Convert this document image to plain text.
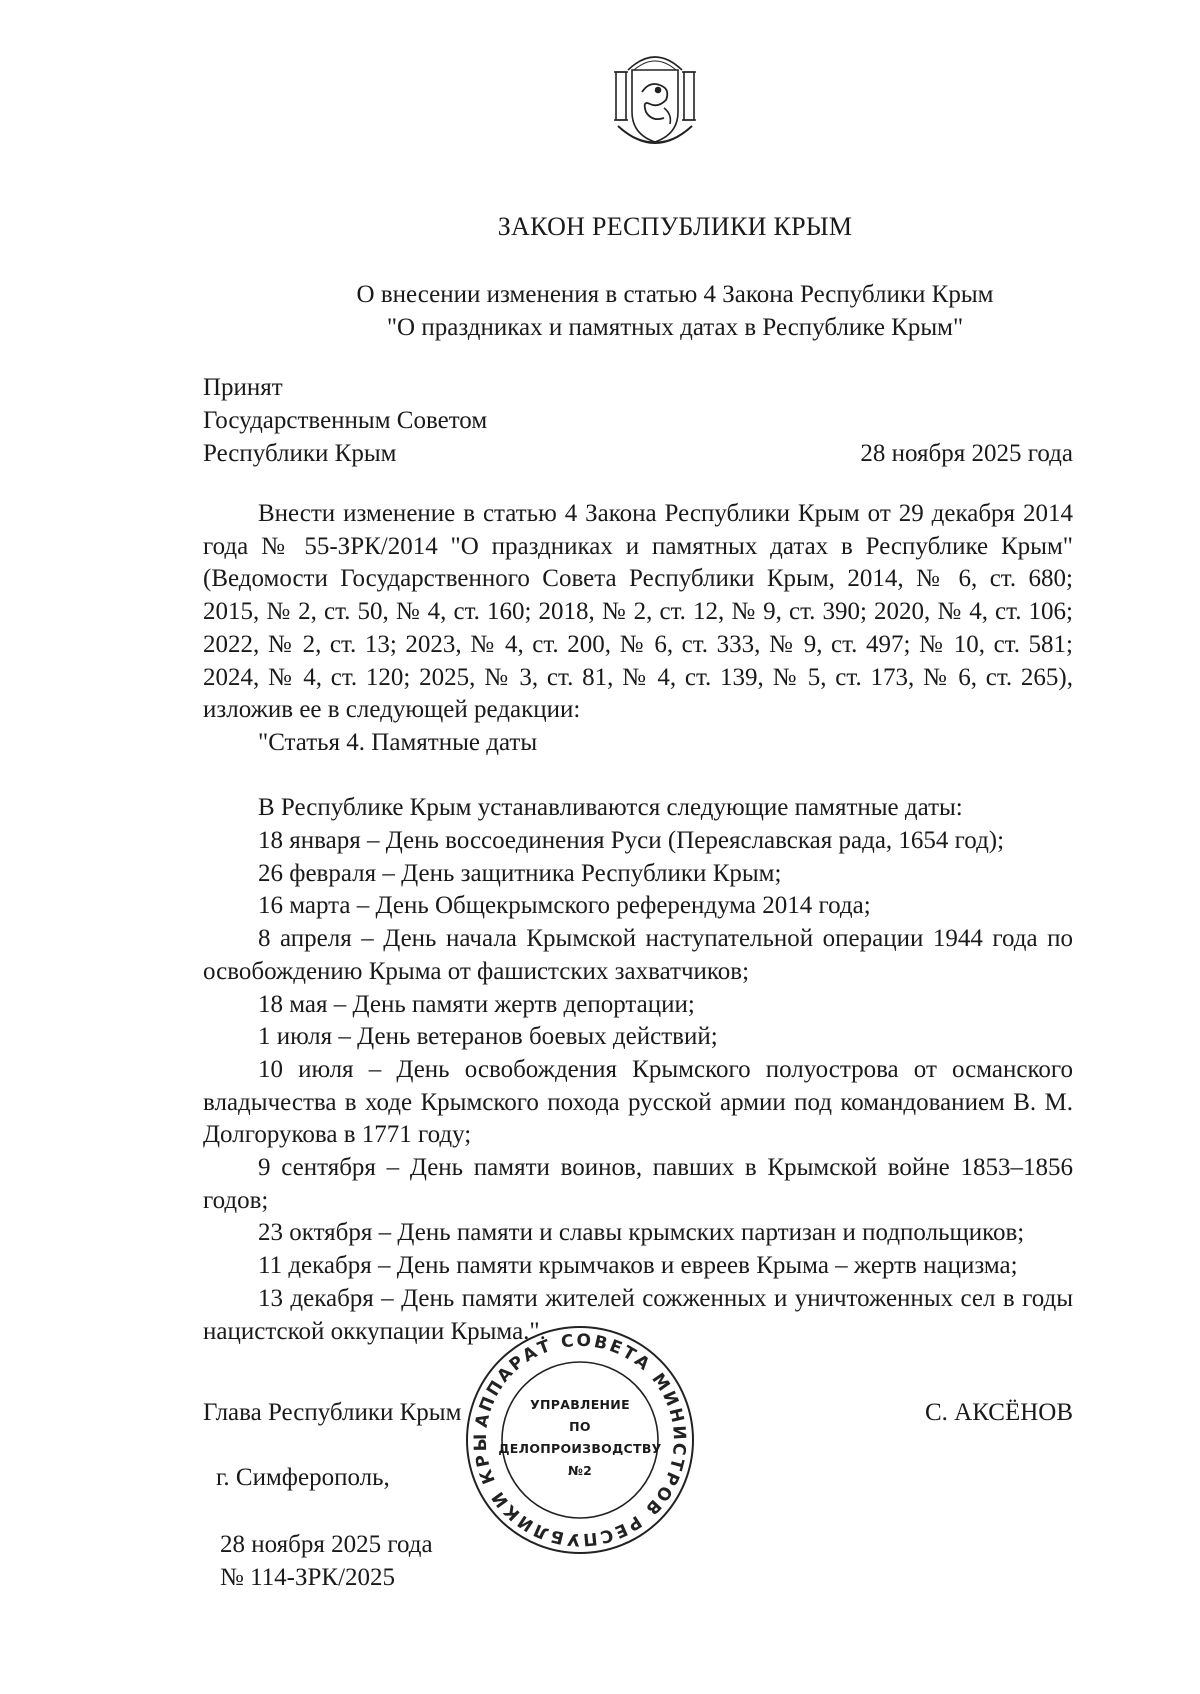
ЗАКОН РЕСПУБЛИКИ КРЫМ
О внесении изменения в статью 4 Закона Республики Крым
"О праздниках и памятных датах в Республике Крым"
Принят
Государственным Советом
Республики Крым	28 ноября 2025 года

Внести изменение в статью 4 Закона Республики Крым от 29 декабря 2014 года № 55-ЗРК/2014 "О праздниках и памятных датах в Республике Крым" (Ведомости Государственного Совета Республики Крым, 2014, № 6, ст. 680; 2015, № 2, ст. 50, № 4, ст. 160; 2018, № 2, ст. 12, № 9, ст. 390; 2020, № 4, ст. 106; 2022, № 2, ст. 13; 2023, № 4, ст. 200, № 6, ст. 333, № 9, ст. 497; № 10, ст. 581; 2024, № 4, ст. 120; 2025, № 3, ст. 81, № 4, ст. 139, № 5, ст. 173, № 6, ст. 265), изложив ее в следующей редакции:

"Статья 4. Памятные даты

В Республике Крым устанавливаются следующие памятные даты:

18 января – День воссоединения Руси (Переяславская рада, 1654 год);

26 февраля – День защитника Республики Крым;

16 марта – День Общекрымского референдума 2014 года;

8 апреля – День начала Крымской наступательной операции 1944 года по освобождению Крыма от фашистских захватчиков;

18 мая – День памяти жертв депортации;

1 июля – День ветеранов боевых действий;

10 июля – День освобождения Крымского полуострова от османского владычества в ходе Крымского похода русской армии под командованием В. М. Долгорукова в 1771 году;

9 сентября – День памяти воинов, павших в Крымской войне 1853–1856 годов;

23 октября – День памяти и славы крымских партизан и подпольщиков;

11 декабря – День памяти крымчаков и евреев Крыма – жертв нацизма;

13 декабря – День памяти жителей сожженных и уничтоженных сел в годы нацистской оккупации Крыма.".

Глава Республики Крым	С. АКСЁНОВ
г. Симферополь,
28 ноября 2025 года
№ 114-ЗРК/2025
АППАРАТ СОВЕТА МИНИСТРОВ РЕСПУБЛИКИ КРЫ
УПРАВЛЕНИЕ
ПО
ДЕЛОПРОИЗВОДСТВУ
№2
